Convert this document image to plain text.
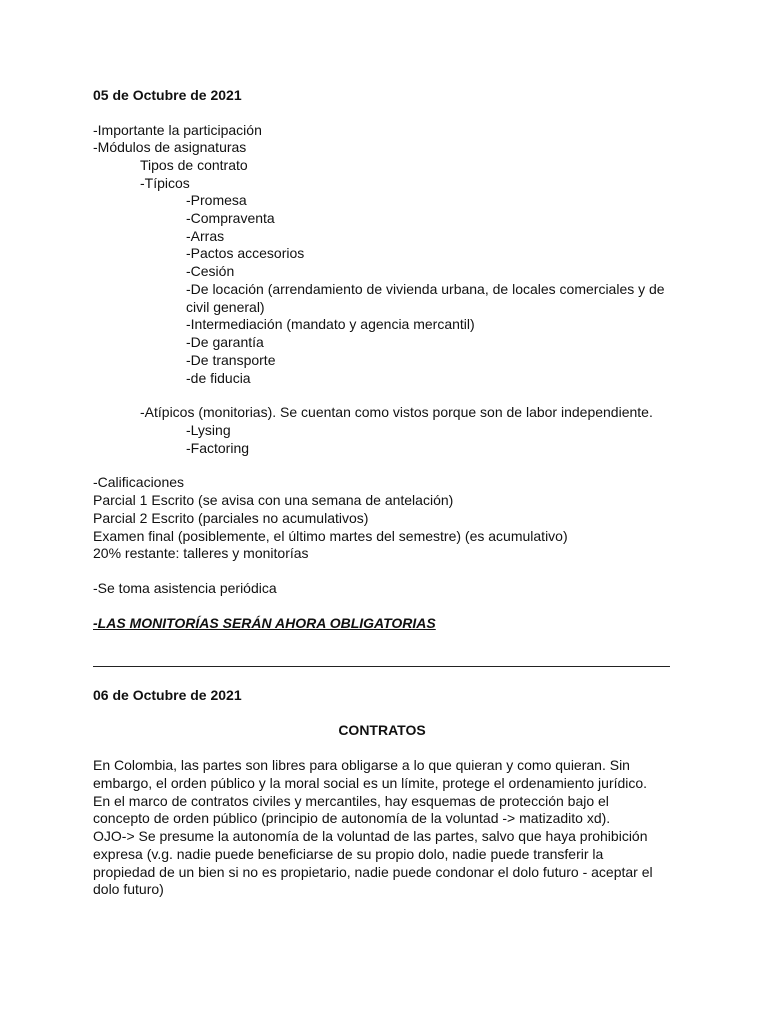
05 de Octubre de 2021
-Importante la participación
-Módulos de asignaturas
Tipos de contrato
-Típicos
-Promesa
-Compraventa
-Arras
-Pactos accesorios
-Cesión
-De locación (arrendamiento de vivienda urbana, de locales comerciales y de
civil general)
-Intermediación (mandato y agencia mercantil)
-De garantía
-De transporte
-de fiducia
-Atípicos (monitorias). Se cuentan como vistos porque son de labor independiente.
-Lysing
-Factoring
-Calificaciones
Parcial 1 Escrito (se avisa con una semana de antelación)
Parcial 2 Escrito (parciales no acumulativos)
Examen final (posiblemente, el último martes del semestre) (es acumulativo)
20% restante: talleres y monitorías
-Se toma asistencia periódica
-LAS MONITORÍAS SERÁN AHORA OBLIGATORIAS
06 de Octubre de 2021
CONTRATOS
En Colombia, las partes son libres para obligarse a lo que quieran y como quieran. Sin
embargo, el orden público y la moral social es un límite, protege el ordenamiento jurídico.
En el marco de contratos civiles y mercantiles, hay esquemas de protección bajo el
concepto de orden público (principio de autonomía de la voluntad -> matizadito xd).
OJO-> Se presume la autonomía de la voluntad de las partes, salvo que haya prohibición
expresa (v.g. nadie puede beneficiarse de su propio dolo, nadie puede transferir la
propiedad de un bien si no es propietario, nadie puede condonar el dolo futuro - aceptar el
dolo futuro)
